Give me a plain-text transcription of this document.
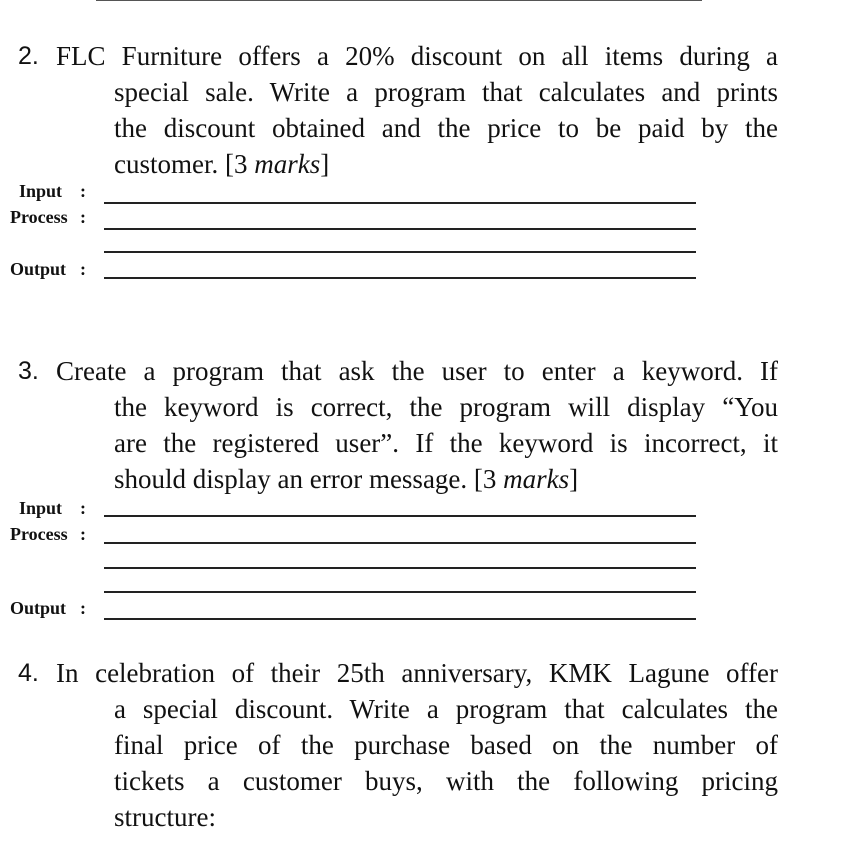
2. FLC Furniture offers a 20% discount on all items during a
special sale. Write a program that calculates and prints
the discount obtained and the price to be paid by the
customer. [3 marks]
Input :
Process :
Output :
3. Create a program that ask the user to enter a keyword. If
the keyword is correct, the program will display “You
are the registered user”. If the keyword is incorrect, it
should display an error message. [3 marks]
Input :
Process :
Output :
4. In celebration of their 25th anniversary, KMK Lagune offer
a special discount. Write a program that calculates the
final price of the purchase based on the number of
tickets a customer buys, with the following pricing
structure:
